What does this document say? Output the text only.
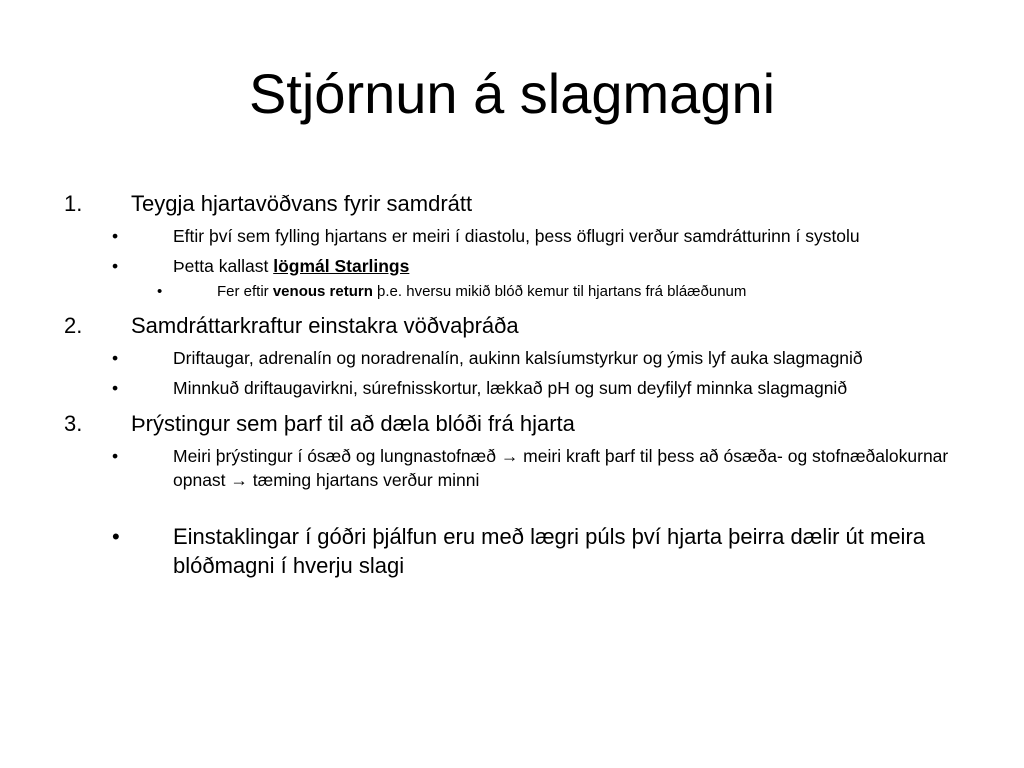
Stjórnun á slagmagni
1. Teygja hjartavöðvans fyrir samdrátt
•	Eftir því sem fylling hjartans er meiri í diastolu, þess öflugri verður samdrátturinn í systolu
•	Þetta kallast lögmál Starlings
•	Fer eftir venous return þ.e. hversu mikið blóð kemur til hjartans frá bláæðunum
2. Samdráttarkraftur einstakra vöðvaþráða
•	Driftaugar, adrenalín og noradrenalín, aukinn kalsíumstyrkur og ýmis lyf auka slagmagnið
•	Minnkuð driftaugavirkni, súrefnisskortur, lækkað pH og sum deyfilyf minnka slagmagnið
3. Þrýstingur sem þarf til að dæla blóði frá hjarta
•	Meiri þrýstingur í ósæð og lungnastofnæð → meiri kraft þarf til þess að ósæða- og stofnæðalokurnar opnast → tæming hjartans verður minni
• Einstaklingar í góðri þjálfun eru með lægri púls því hjarta þeirra dælir út meira blóðmagni í hverju slagi
